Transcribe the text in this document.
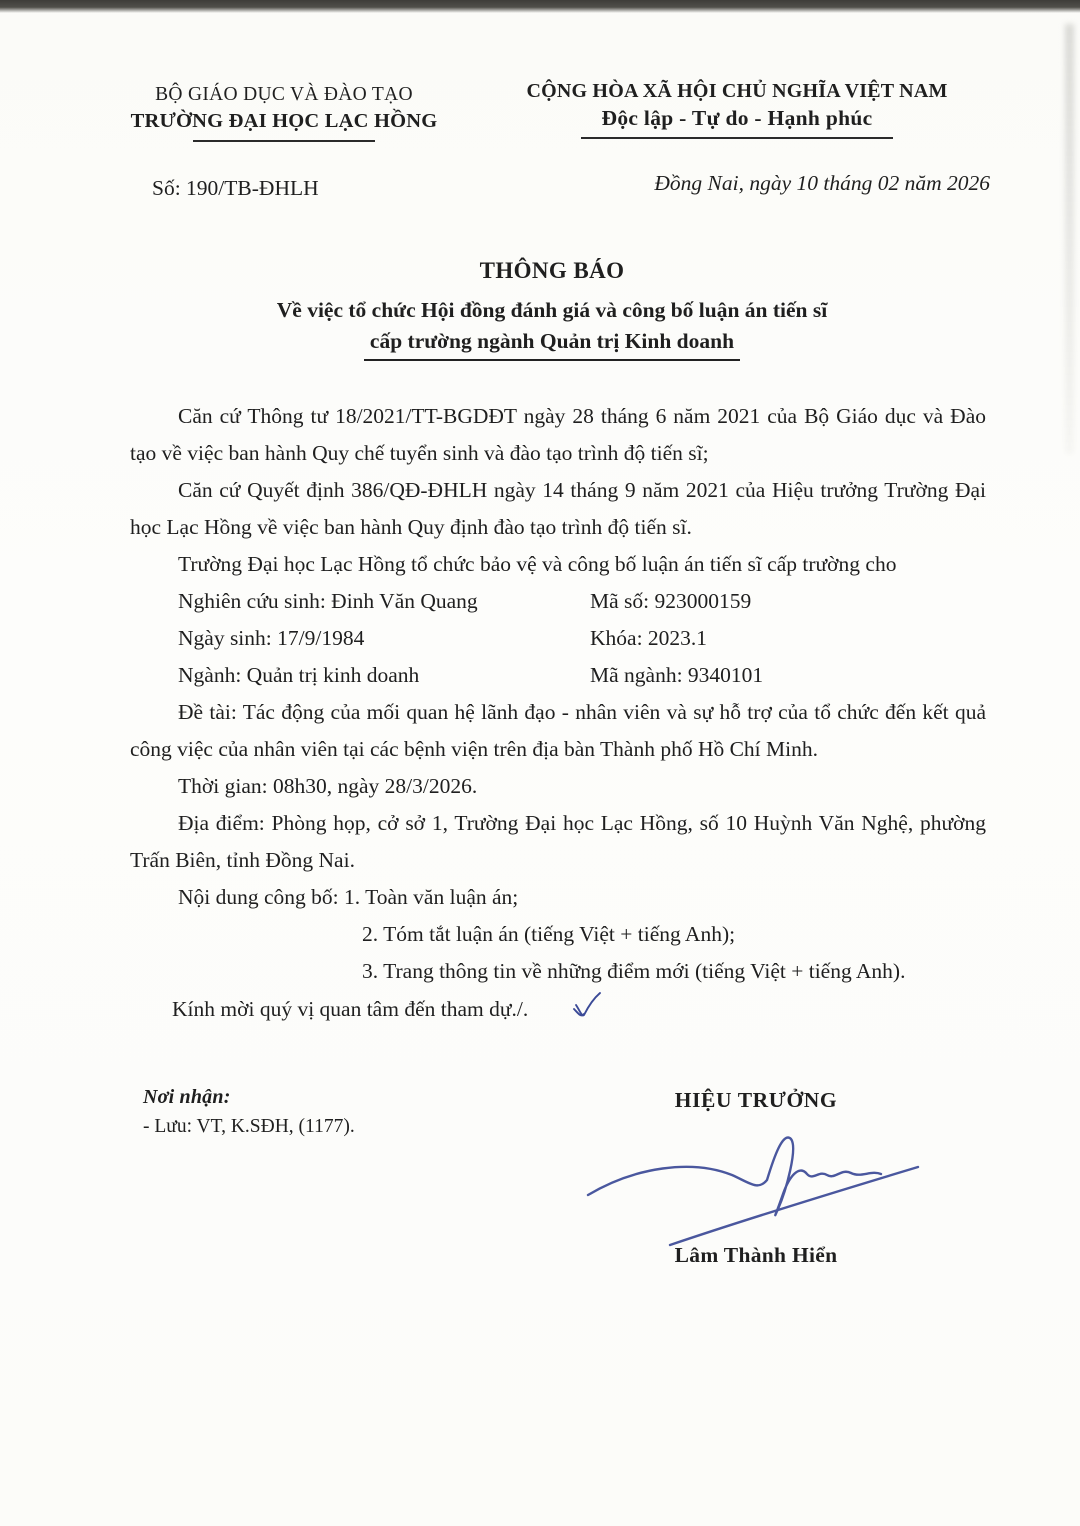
BỘ GIÁO DỤC VÀ ĐÀO TẠO
TRƯỜNG ĐẠI HỌC LẠC HỒNG
Số: 190/TB-ĐHLH
CỘNG HÒA XÃ HỘI CHỦ NGHĨA VIỆT NAM
Độc lập - Tự do - Hạnh phúc
Đồng Nai, ngày 10 tháng 02 năm 2026
THÔNG BÁO
Về việc tổ chức Hội đồng đánh giá và công bố luận án tiến sĩ
cấp trường ngành Quản trị Kinh doanh

Căn cứ Thông tư 18/2021/TT-BGDĐT ngày 28 tháng 6 năm 2021 của Bộ Giáo dục và Đào tạo về việc ban hành Quy chế tuyển sinh và đào tạo trình độ tiến sĩ;

Căn cứ Quyết định 386/QĐ-ĐHLH ngày 14 tháng 9 năm 2021 của Hiệu trưởng Trường Đại học Lạc Hồng về việc ban hành Quy định đào tạo trình độ tiến sĩ.

Trường Đại học Lạc Hồng tổ chức bảo vệ và công bố luận án tiến sĩ cấp trường cho

Nghiên cứu sinh: Đinh Văn Quang	Mã số: 923000159
Ngày sinh: 17/9/1984	Khóa: 2023.1
Ngành: Quản trị kinh doanh	Mã ngành: 9340101

Đề tài: Tác động của mối quan hệ lãnh đạo - nhân viên và sự hỗ trợ của tổ chức đến kết quả công việc của nhân viên tại các bệnh viện trên địa bàn Thành phố Hồ Chí Minh.

Thời gian: 08h30, ngày 28/3/2026.

Địa điểm: Phòng họp, cở sở 1, Trường Đại học Lạc Hồng, số 10 Huỳnh Văn Nghệ, phường Trấn Biên, tỉnh Đồng Nai.

Nội dung công bố: 1. Toàn văn luận án;

2. Tóm tắt luận án (tiếng Việt + tiếng Anh);

3. Trang thông tin về những điểm mới (tiếng Việt + tiếng Anh).

Kính mời quý vị quan tâm đến tham dự./.

Nơi nhận:
- Lưu: VT, K.SĐH, (1177).
HIỆU TRƯỞNG
Lâm Thành Hiển
